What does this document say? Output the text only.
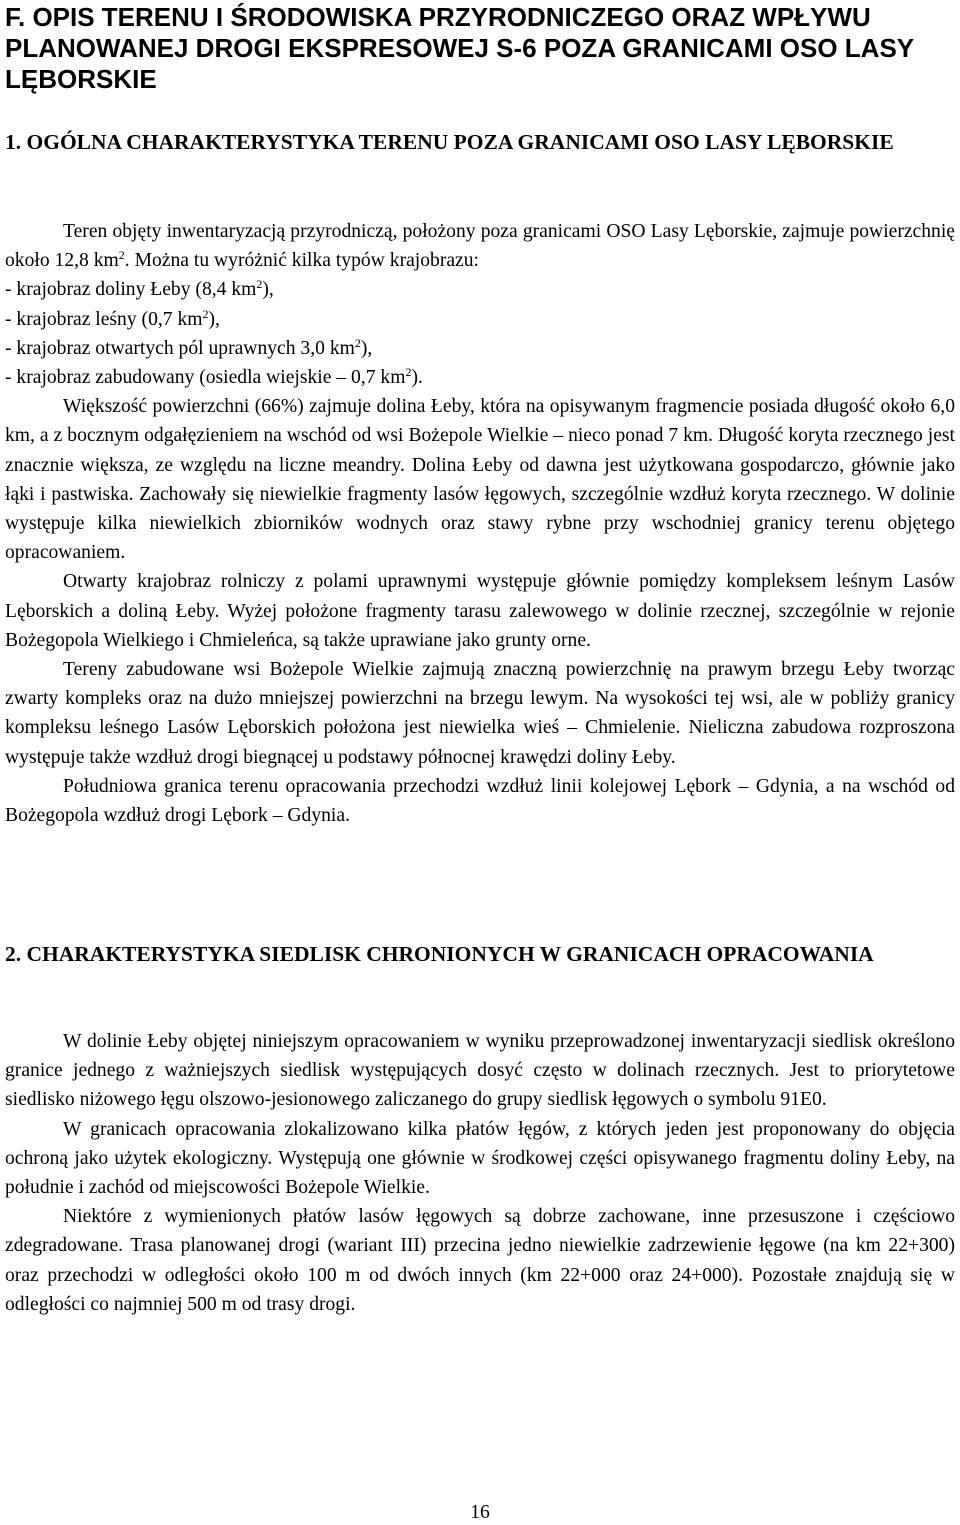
F. OPIS TERENU I ŚRODOWISKA PRZYRODNICZEGO ORAZ WPŁYWU PLANOWANEJ DROGI EKSPRESOWEJ S-6 POZA GRANICAMI OSO LASY LĘBORSKIE
1. OGÓLNA CHARAKTERYSTYKA TERENU POZA GRANICAMI OSO LASY LĘBORSKIE

Teren objęty inwentaryzacją przyrodniczą, położony poza granicami OSO Lasy Lęborskie, zajmuje powierzchnię około 12,8 $km^2$. Można tu wyróżnić kilka typów krajobrazu:

- krajobraz doliny Łeby (8,4 $km^2$),
- krajobraz leśny (0,7 $km^2$),
- krajobraz otwartych pól uprawnych 3,0 $km^2$),
- krajobraz zabudowany (osiedla wiejskie – 0,7 $km^2$).

Większość powierzchni (66%) zajmuje dolina Łeby, która na opisywanym fragmencie posiada długość około 6,0 km, a z bocznym odgałęzieniem na wschód od wsi Bożepole Wielkie – nieco ponad 7 km. Długość koryta rzecznego jest znacznie większa, ze względu na liczne meandry. Dolina Łeby od dawna jest użytkowana gospodarczo, głównie jako łąki i pastwiska. Zachowały się niewielkie fragmenty lasów łęgowych, szczególnie wzdłuż koryta rzecznego. W dolinie występuje kilka niewielkich zbiorników wodnych oraz stawy rybne przy wschodniej granicy terenu objętego opracowaniem.

Otwarty krajobraz rolniczy z polami uprawnymi występuje głównie pomiędzy kompleksem leśnym Lasów Lęborskich a doliną Łeby. Wyżej położone fragmenty tarasu zalewowego w dolinie rzecznej, szczególnie w rejonie Bożegopola Wielkiego i Chmieleńca, są także uprawiane jako grunty orne.

Tereny zabudowane wsi Bożepole Wielkie zajmują znaczną powierzchnię na prawym brzegu Łeby tworząc zwarty kompleks oraz na dużo mniejszej powierzchni na brzegu lewym. Na wysokości tej wsi, ale w pobliży granicy kompleksu leśnego Lasów Lęborskich położona jest niewielka wieś – Chmielenie. Nieliczna zabudowa rozproszona występuje także wzdłuż drogi biegnącej u podstawy północnej krawędzi doliny Łeby.

Południowa granica terenu opracowania przechodzi wzdłuż linii kolejowej Lębork – Gdynia, a na wschód od Bożegopola wzdłuż drogi Lębork – Gdynia.

2. CHARAKTERYSTYKA SIEDLISK CHRONIONYCH W GRANICACH OPRACOWANIA

W dolinie Łeby objętej niniejszym opracowaniem w wyniku przeprowadzonej inwentaryzacji siedlisk określono granice jednego z ważniejszych siedlisk występujących dosyć często w dolinach rzecznych. Jest to priorytetowe siedlisko niżowego łęgu olszowo-jesionowego zaliczanego do grupy siedlisk łęgowych o symbolu 91E0.

W granicach opracowania zlokalizowano kilka płatów łęgów, z których jeden jest proponowany do objęcia ochroną jako użytek ekologiczny. Występują one głównie w środkowej części opisywanego fragmentu doliny Łeby, na południe i zachód od miejscowości Bożepole Wielkie.

Niektóre z wymienionych płatów lasów łęgowych są dobrze zachowane, inne przesuszone i częściowo zdegradowane. Trasa planowanej drogi (wariant III) przecina jedno niewielkie zadrzewienie łęgowe (na km 22+300) oraz przechodzi w odległości około 100 m od dwóch innych (km 22+000 oraz 24+000). Pozostałe znajdują się w odległości co najmniej 500 m od trasy drogi.

16
